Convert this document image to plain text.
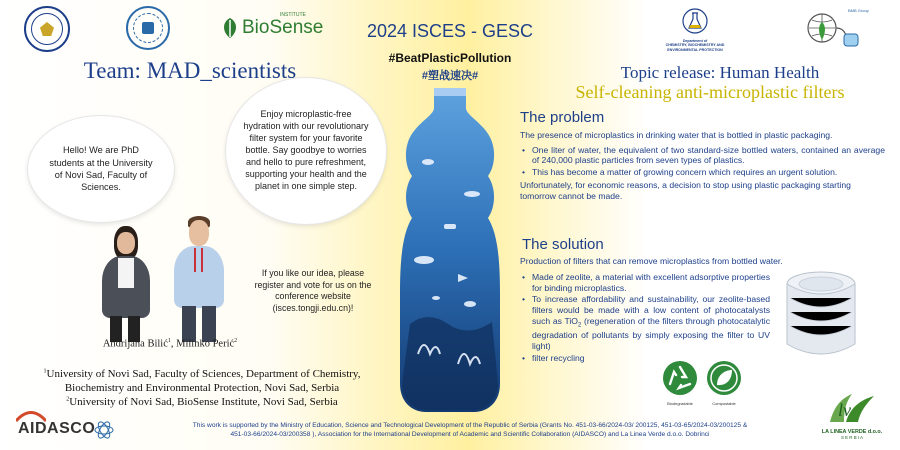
INSTITUTE
BioSense	2024 ISCES - GESC
#BeatPlasticPollution
#塑战速决#
Department of
CHEMISTRY, BIOCHEMISTRY AND
ENVIRONMENTAL PROTECTION
BMB Group
Team: MAD_scientists
Hello! We are PhD students at the University of Novi Sad, Faculty of Sciences.
Enjoy microplastic-free hydration with our revolutionary filter system for your favorite bottle. Say goodbye to worries and hello to pure refreshment, supporting your health and the planet in one simple step.
Andrijana Bilić$^1$, Milinko Perić$^2$
If you like our idea, please register and vote for us on the conference website (isces.tongji.edu.cn)!
$^1$University of Novi Sad, Faculty of Sciences, Department of Chemistry, Biochemistry and Environmental Protection, Novi Sad, Serbia
$^2$University of Novi Sad, BioSense Institute, Novi Sad, Serbia
Topic release: Human Health
Self-cleaning anti-microplastic filters
The problem
The presence of microplastics in drinking water that is bottled in plastic packaging.
• One liter of water, the equivalent of two standard-size bottled waters, contained an average of 240,000 plastic particles from seven types of plastics.
• This has become a matter of growing concern which requires an urgent solution.
Unfortunately, for economic reasons, a decision to stop using plastic packaging starting tomorrow cannot be made.
The solution
Production of filters that can remove microplastics from bottled water.
• Made of zeolite, a material with excellent adsorptive properties for binding microplastics.
• To increase affordability and sustainability, our zeolite-based filters would be made with a low content of photocatalysts such as TiO$_2$ (regeneration of the filters through photocatalytic degradation of pollutants by simply exposing the filter to UV light)
• filter recycling
Biodegradable	Compostable
AIDASCO	This work is supported by the Ministry of Education, Science and Technological Development of the Republic of Serbia (Grants No. 451-03-66/2024-03/ 200125, 451-03-65/2024-03/200125 &
451-03-66/2024-03/200358 ), Association for the International Development of Academic and Scientific Collaboration (AIDASCO) and La Linea Verde d.o.o. Dobrinci
lv
LA LINEA VERDE d.o.o.
S E R B I A
